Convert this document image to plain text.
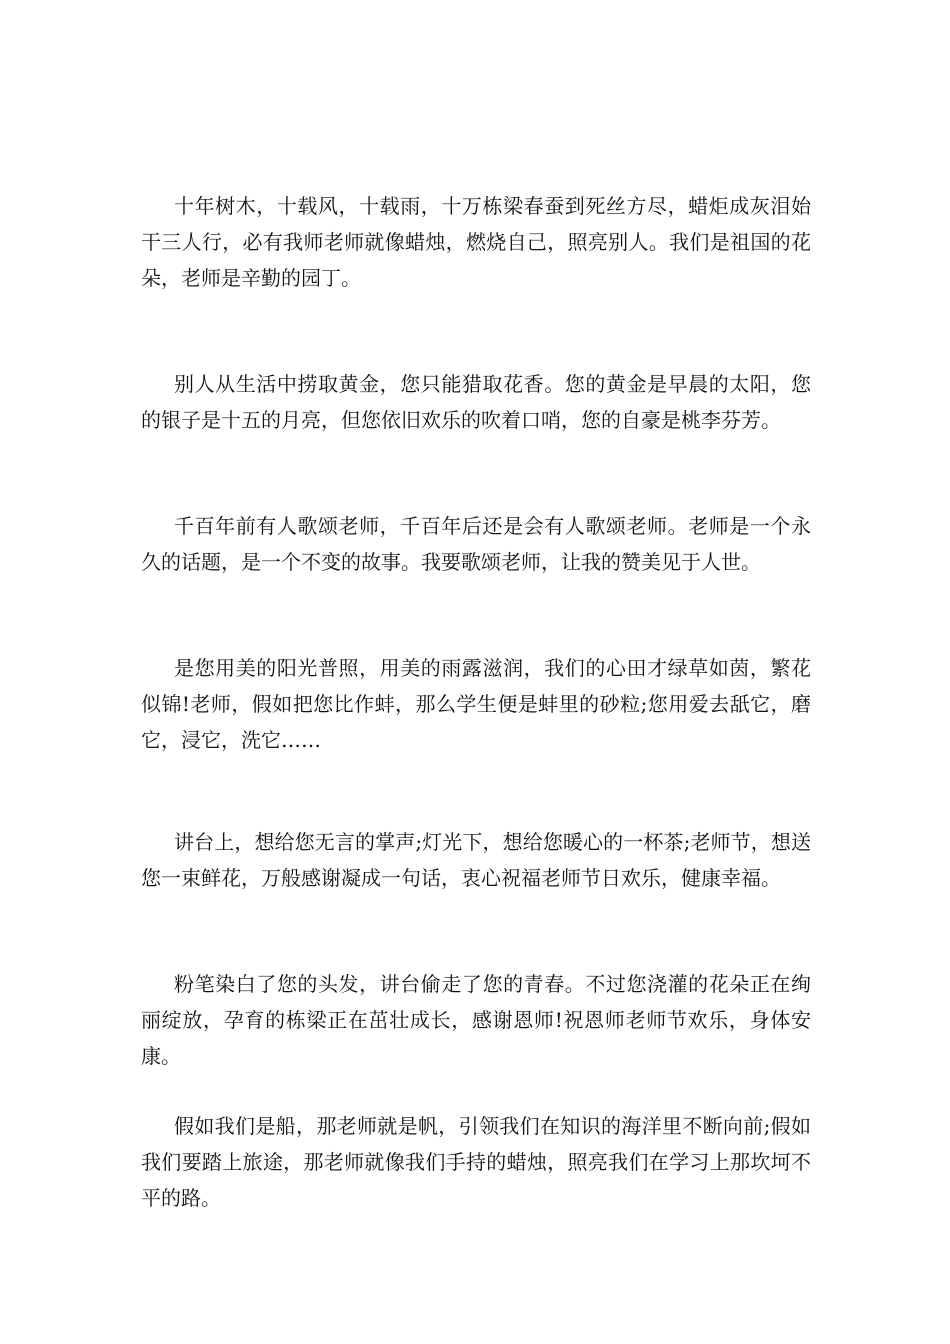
十年树木，十载风，十载雨，十万栋梁春蚕到死丝方尽，蜡炬成灰泪始干三人行，必有我师老师就像蜡烛，燃烧自己，照亮别人。我们是祖国的花朵，老师是辛勤的园丁。

别人从生活中捞取黄金，您只能猎取花香。您的黄金是早晨的太阳，您的银子是十五的月亮，但您依旧欢乐的吹着口哨，您的自豪是桃李芬芳。

千百年前有人歌颂老师，千百年后还是会有人歌颂老师。老师是一个永久的话题，是一个不变的故事。我要歌颂老师，让我的赞美见于人世。

是您用美的阳光普照，用美的雨露滋润，我们的心田才绿草如茵，繁花似锦!老师，假如把您比作蚌，那么学生便是蚌里的砂粒;您用爱去舐它，磨它，浸它，洗它……

讲台上，想给您无言的掌声;灯光下，想给您暖心的一杯茶;老师节，想送您一束鲜花，万般感谢凝成一句话，衷心祝福老师节日欢乐，健康幸福。

粉笔染白了您的头发，讲台偷走了您的青春。不过您浇灌的花朵正在绚丽绽放，孕育的栋梁正在茁壮成长，感谢恩师!祝恩师老师节欢乐，身体安康。

假如我们是船，那老师就是帆，引领我们在知识的海洋里不断向前;假如我们要踏上旅途，那老师就像我们手持的蜡烛，照亮我们在学习上那坎坷不平的路。
